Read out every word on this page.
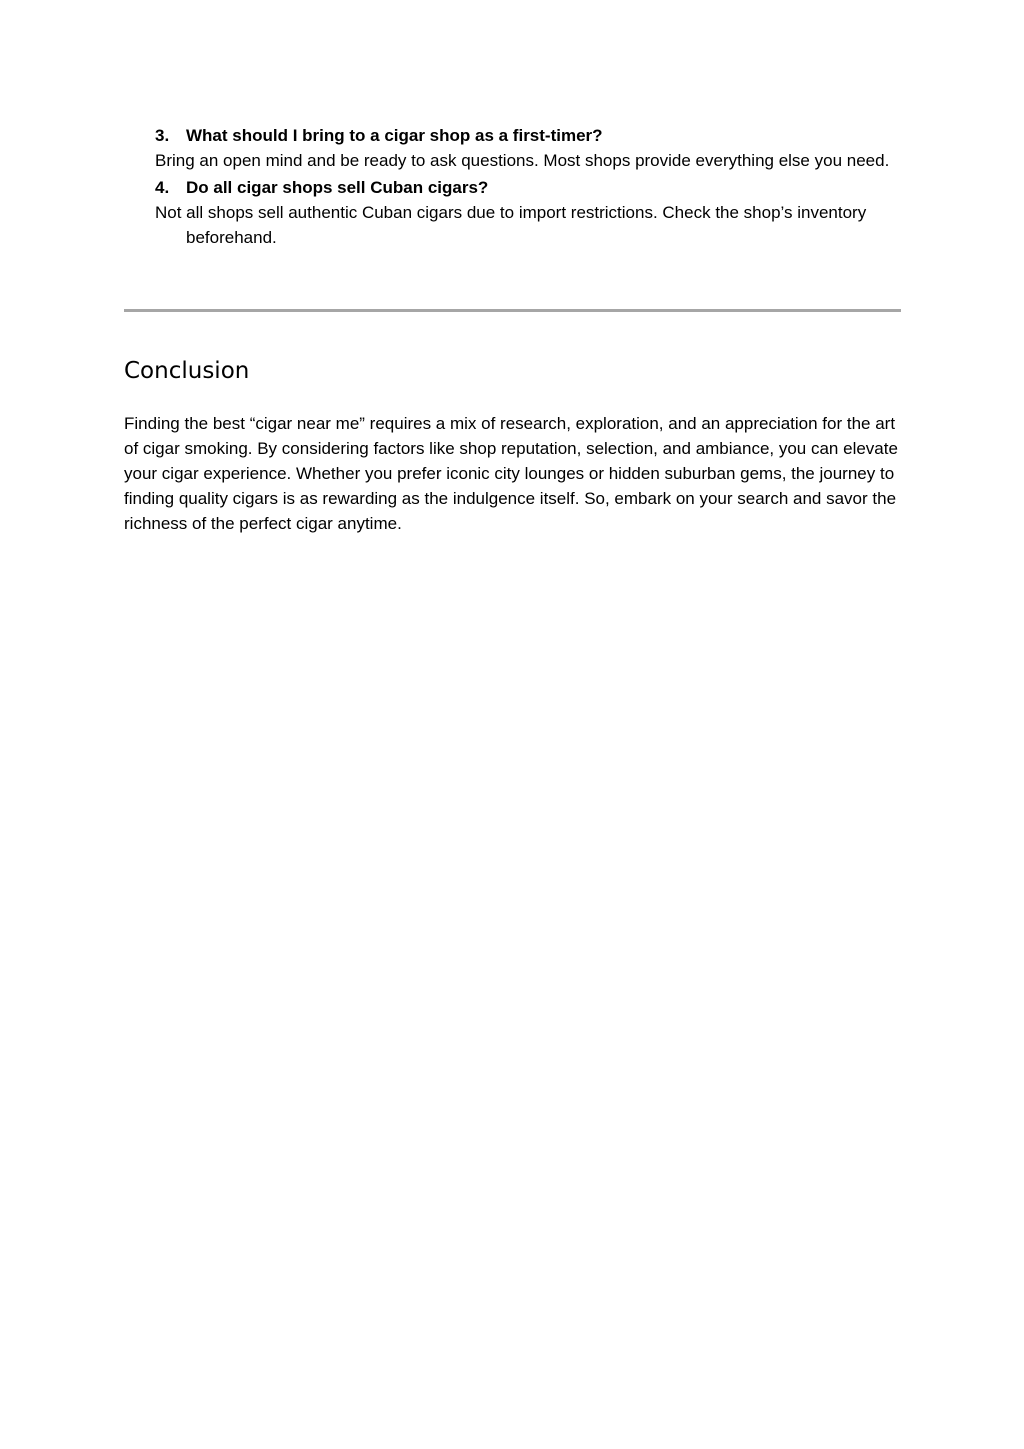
3. What should I bring to a cigar shop as a first-timer?
Bring an open mind and be ready to ask questions. Most shops provide everything else you need.
4. Do all cigar shops sell Cuban cigars?
Not all shops sell authentic Cuban cigars due to import restrictions. Check the shop’s inventory beforehand.
Conclusion

Finding the best “cigar near me” requires a mix of research, exploration, and an appreciation for the art of cigar smoking. By considering factors like shop reputation, selection, and ambiance, you can elevate your cigar experience. Whether you prefer iconic city lounges or hidden suburban gems, the journey to finding quality cigars is as rewarding as the indulgence itself. So, embark on your search and savor the richness of the perfect cigar anytime.
